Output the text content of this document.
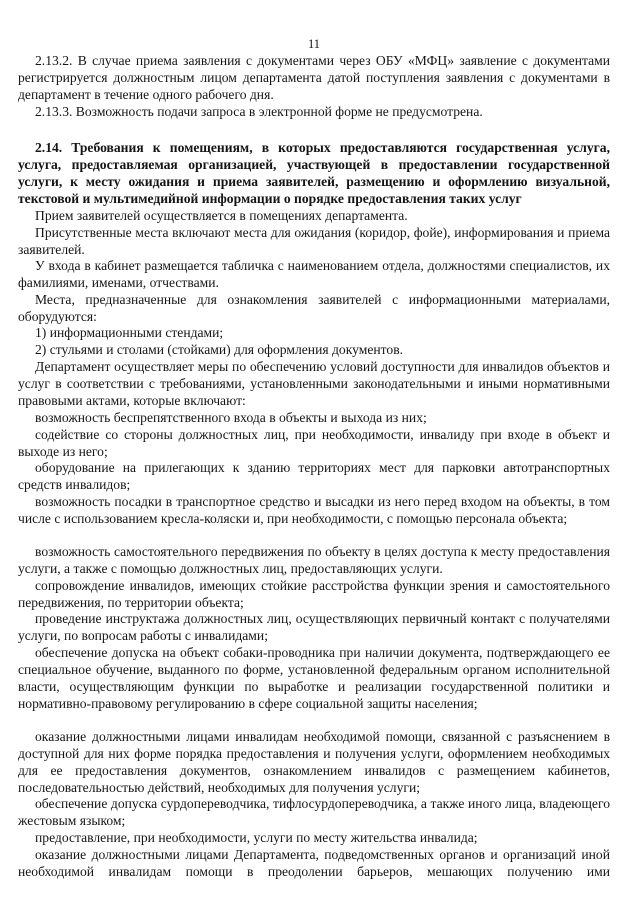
11

2.13.2. В случае приема заявления с документами через ОБУ «МФЦ» заявление с документами регистрируется должностным лицом департамента датой поступления заявления с документами в департамент в течение одного рабочего дня.

2.13.3. Возможность подачи запроса в электронной форме не предусмотрена.

2.14. Требования к помещениям, в которых предоставляются государственная услуга, услуга, предоставляемая организацией, участвующей в предоставлении государственной услуги, к месту ожидания и приема заявителей, размещению и оформлению визуальной, текстовой и мультимедийной информации о порядке предоставления таких услуг

Прием заявителей осуществляется в помещениях департамента.

Присутственные места включают места для ожидания (коридор, фойе), информирования и приема заявителей.

У входа в кабинет размещается табличка с наименованием отдела, должностями специалистов, их фамилиями, именами, отчествами.

Места, предназначенные для ознакомления заявителей с информационными материалами, оборудуются:

1) информационными стендами;

2) стульями и столами (стойками) для оформления документов.

Департамент осуществляет меры по обеспечению условий доступности для инвалидов объектов и услуг в соответствии с требованиями, установленными законодательными и иными нормативными правовыми актами, которые включают:

возможность беспрепятственного входа в объекты и выхода из них;

содействие со стороны должностных лиц, при необходимости, инвалиду при входе в объект и выходе из него;

оборудование на прилегающих к зданию территориях мест для парковки автотранспортных средств инвалидов;

возможность посадки в транспортное средство и высадки из него перед входом на объекты, в том числе с использованием кресла-коляски и, при необходимости, с помощью персонала объекта;

возможность самостоятельного передвижения по объекту в целях доступа к месту предоставления услуги, а также с помощью должностных лиц, предоставляющих услуги.

сопровождение инвалидов, имеющих стойкие расстройства функции зрения и самостоятельного передвижения, по территории объекта;

проведение инструктажа должностных лиц, осуществляющих первичный контакт с получателями услуги, по вопросам работы с инвалидами;

обеспечение допуска на объект собаки-проводника при наличии документа, подтверждающего ее специальное обучение, выданного по форме, установленной федеральным органом исполнительной власти, осуществляющим функции по выработке и реализации государственной политики и нормативно-правовому регулированию в сфере социальной защиты населения;

оказание должностными лицами инвалидам необходимой помощи, связанной с разъяснением в доступной для них форме порядка предоставления и получения услуги, оформлением необходимых для ее предоставления документов, ознакомлением инвалидов с размещением кабинетов, последовательностью действий, необходимых для получения услуги;

обеспечение допуска сурдопереводчика, тифлосурдопереводчика, а также иного лица, владеющего жестовым языком;

предоставление, при необходимости, услуги по месту жительства инвалида;

оказание должностными лицами Департамента, подведомственных органов и организаций иной необходимой инвалидам помощи в преодолении барьеров, мешающих получению ими
